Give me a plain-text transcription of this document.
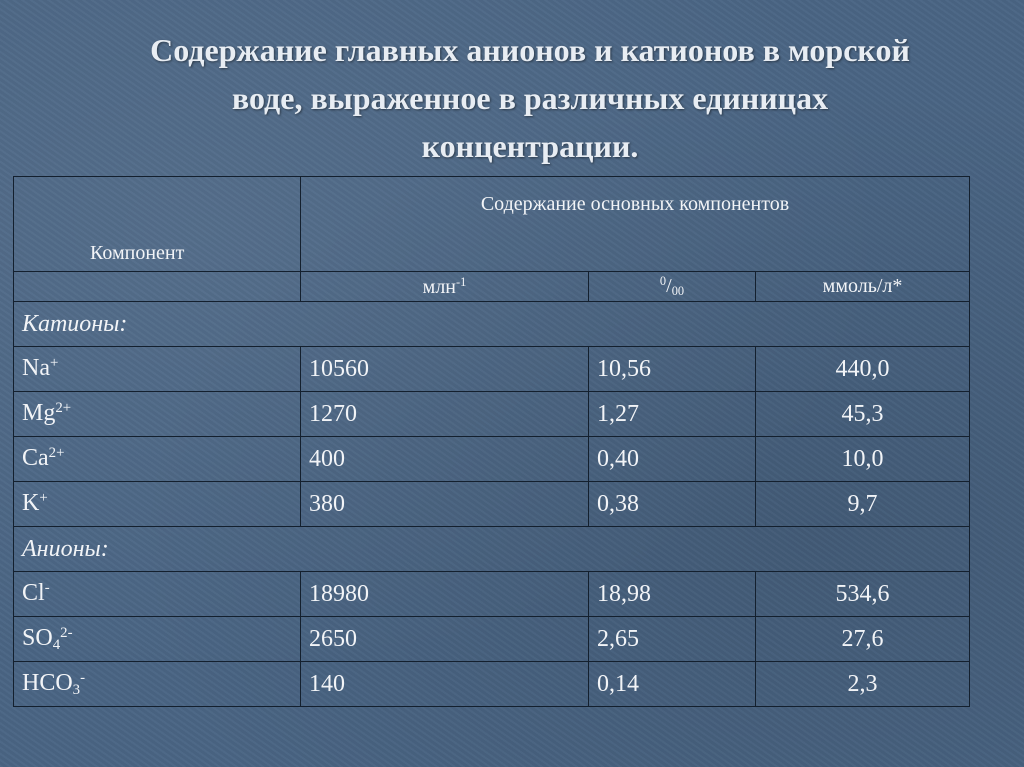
Содержание главных анионов и катионов в морской
воде, выраженное в различных единицах
концентрации.
Компонент	Содержание основных компонентов		
	млн$^{-1}$	$^0/_{00}$	ммоль/л*
Катионы:			
Na+	10560	10,56	440,0
$Mg^{2+}$	1270	1,27	45,3
$Ca^{2+}$	400	0,40	10,0
K+	380	0,38	9,7
Анионы:			
Cl-	18980	18,98	534,6
$SO_4^{2-}$	2650	2,65	27,6
$HCO_3^-$	140	0,14	2,3
